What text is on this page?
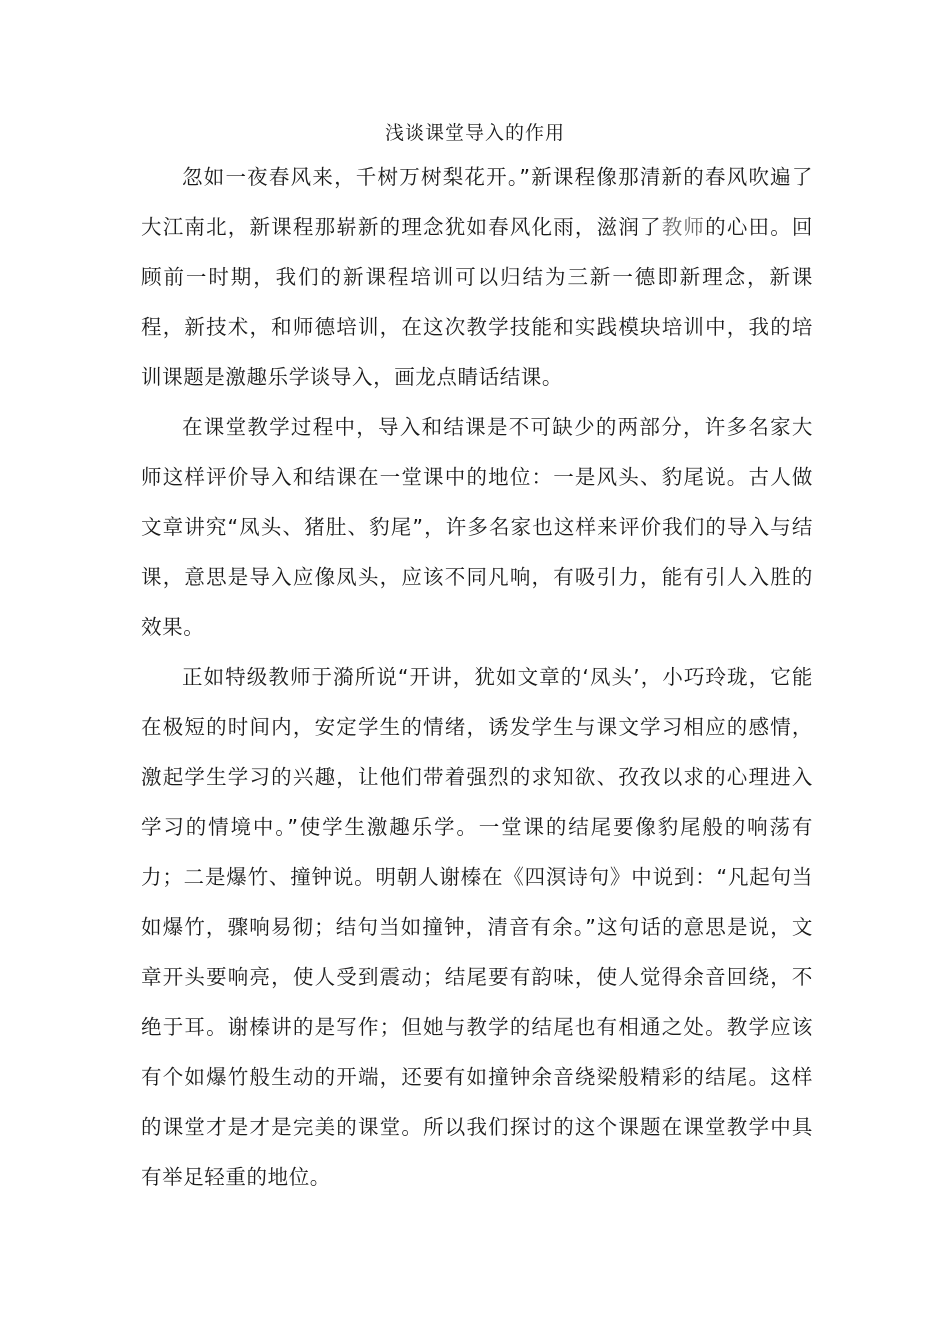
浅谈课堂导入的作用

忽如一夜春风来，千树万树梨花开。”新课程像那清新的春风吹遍了大江南北，新课程那崭新的理念犹如春风化雨，滋润了教师的心田。回顾前一时期，我们的新课程培训可以归结为三新一德即新理念，新课程，新技术，和师德培训，在这次教学技能和实践模块培训中，我的培训课题是激趣乐学谈导入，画龙点睛话结课。

在课堂教学过程中，导入和结课是不可缺少的两部分，许多名家大师这样评价导入和结课在一堂课中的地位：一是风头、豹尾说。古人做文章讲究“凤头、猪肚、豹尾”，许多名家也这样来评价我们的导入与结课，意思是导入应像凤头，应该不同凡响，有吸引力，能有引人入胜的效果。

正如特级教师于漪所说“开讲，犹如文章的‘凤头’，小巧玲珑，它能在极短的时间内，安定学生的情绪，诱发学生与课文学习相应的感情，激起学生学习的兴趣，让他们带着强烈的求知欲、孜孜以求的心理进入学习的情境中。”使学生激趣乐学。一堂课的结尾要像豹尾般的响荡有力；二是爆竹、撞钟说。明朝人谢榛在《四溟诗句》中说到：“凡起句当如爆竹，骤响易彻；结句当如撞钟，清音有余。”这句话的意思是说，文章开头要响亮，使人受到震动；结尾要有韵味，使人觉得余音回绕，不绝于耳。谢榛讲的是写作；但她与教学的结尾也有相通之处。教学应该有个如爆竹般生动的开端，还要有如撞钟余音绕梁般精彩的结尾。这样的课堂才是才是完美的课堂。所以我们探讨的这个课题在课堂教学中具有举足轻重的地位。
